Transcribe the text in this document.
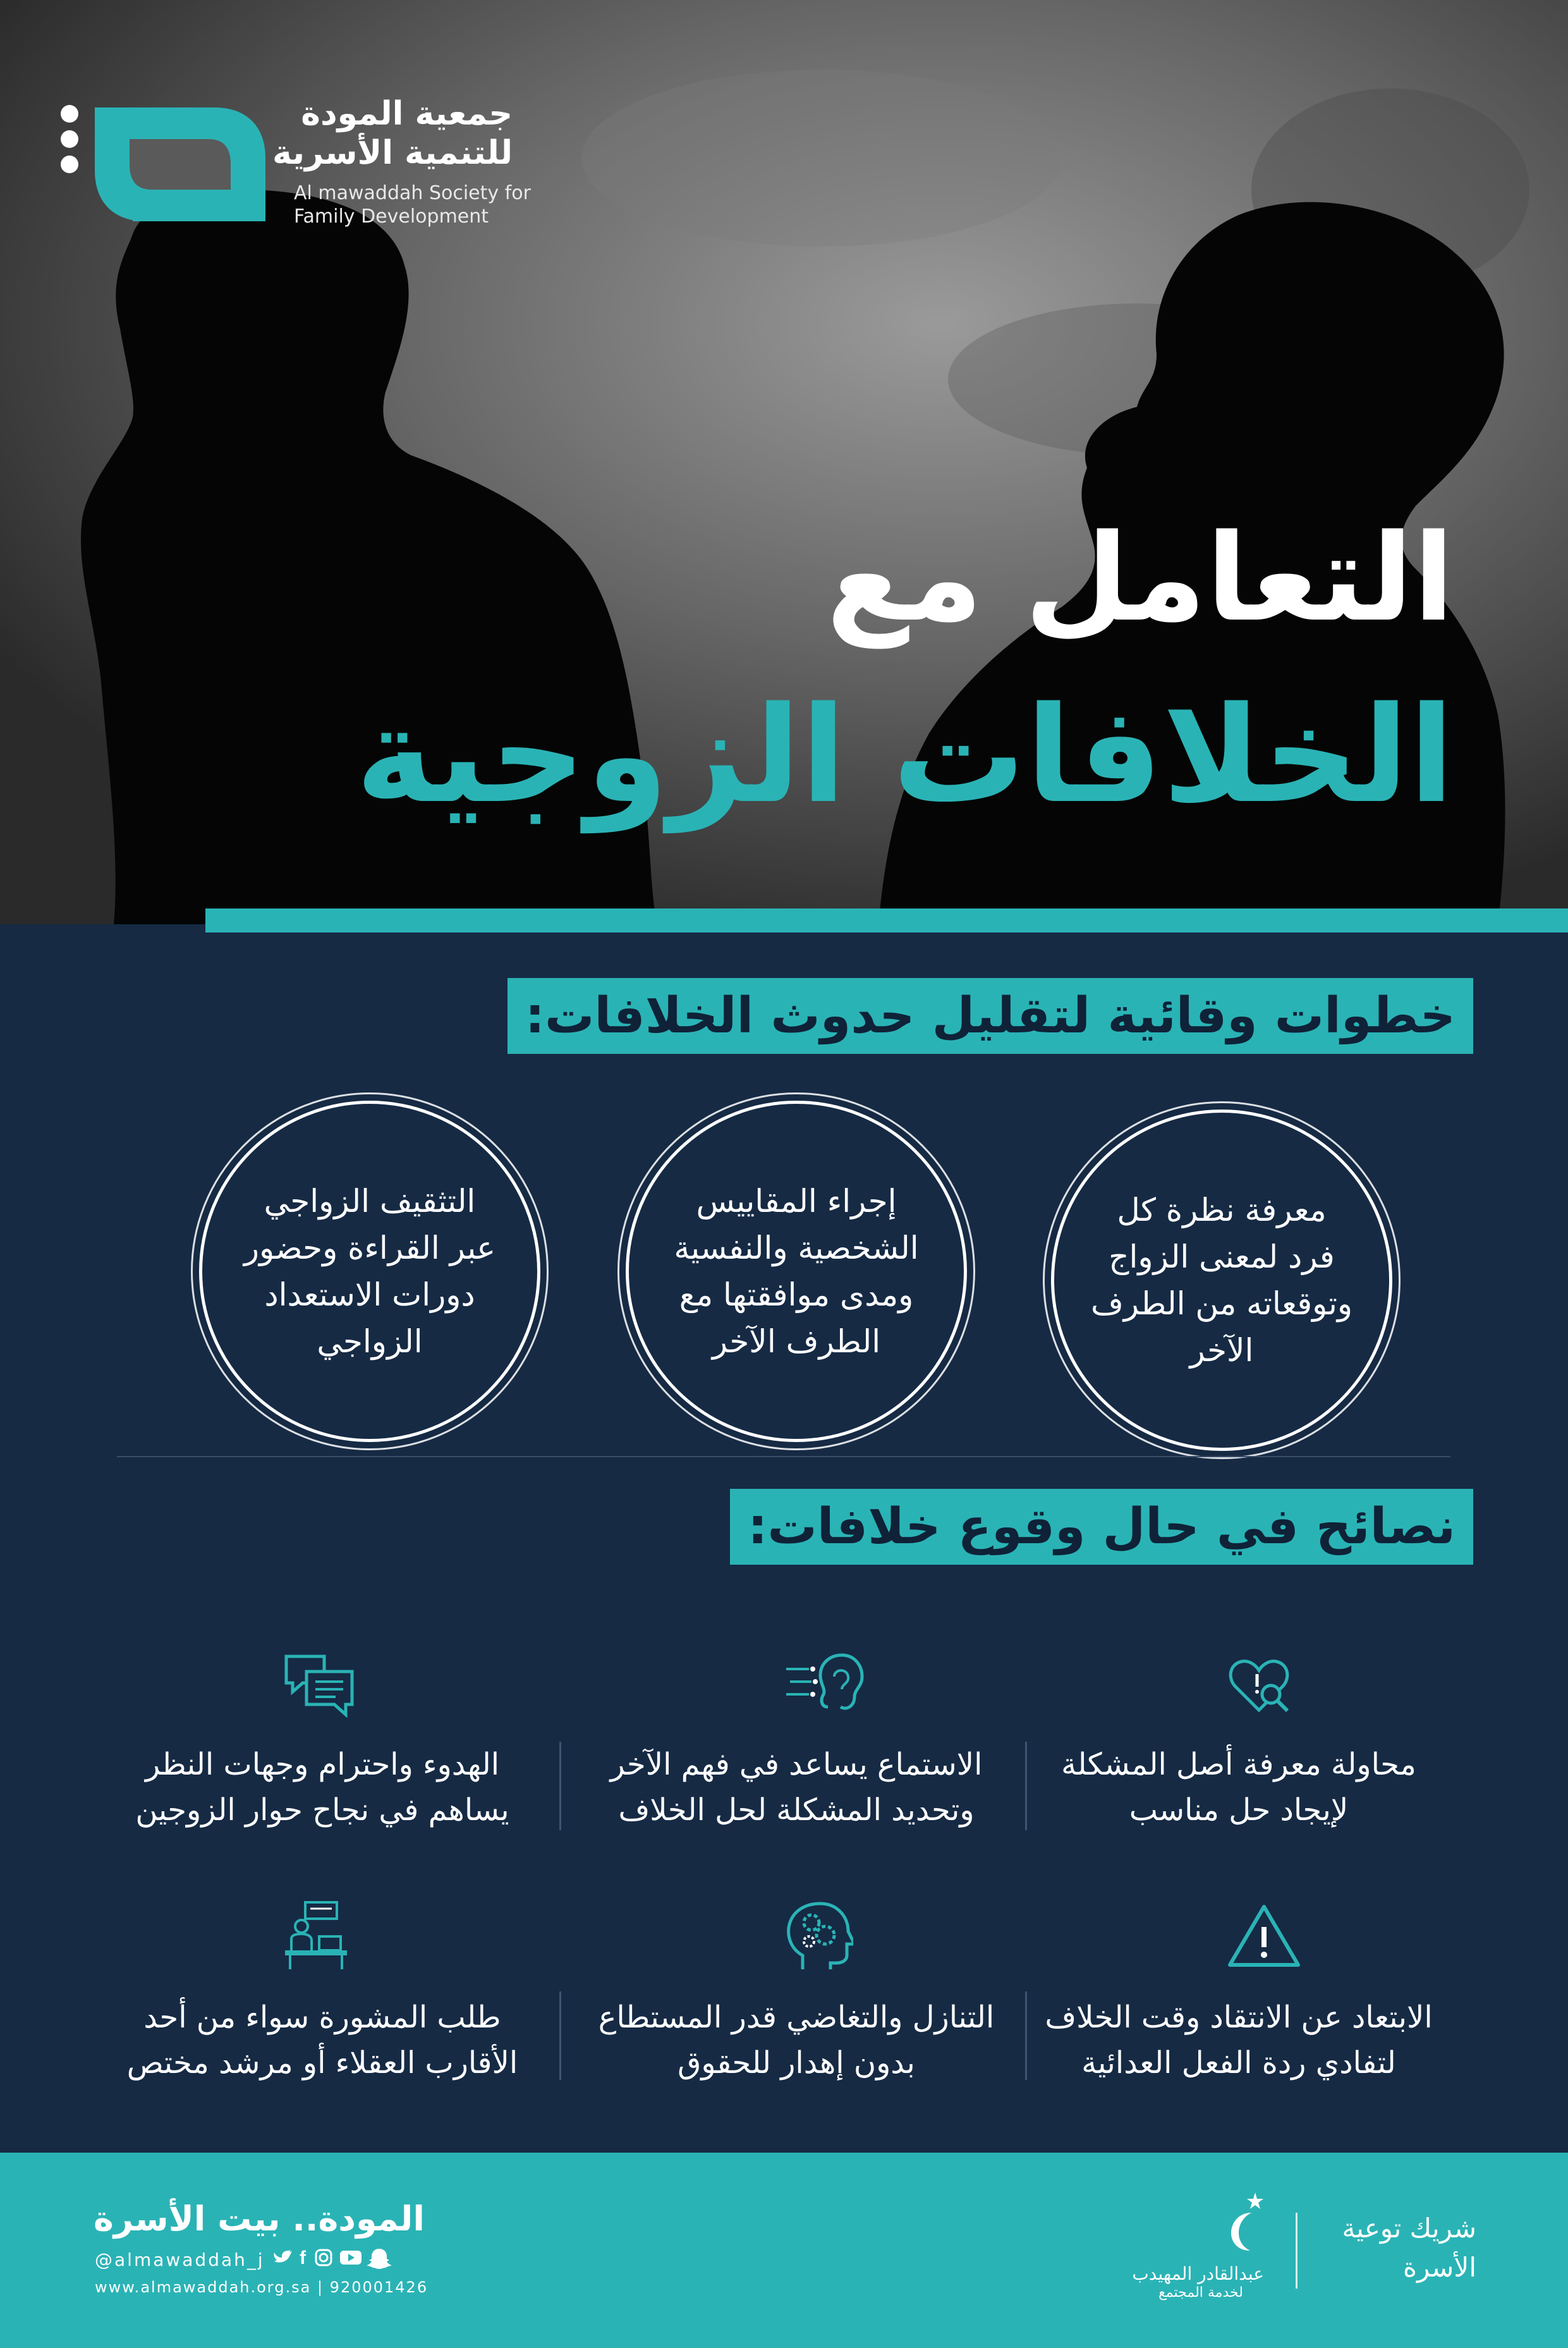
جمعية المودة
للتنمية الأسرية
Al mawaddah Society for
Family Development
التعامل مع
الخلافات الزوجية
خطوات وقائية لتقليل حدوث الخلافات:
معرفة نظرة كل فرد لمعنى الزواج وتوقعاته من الطرف الآخر
إجراء المقاييس الشخصية والنفسية ومدى موافقتها مع الطرف الآخر
التثقيف الزواجي عبر القراءة وحضور دورات الاستعداد الزواجي
نصائح في حال وقوع خلافات:
محاولة معرفة أصل المشكلة
لإيجاد حل مناسب
الاستماع يساعد في فهم الآخر
وتحديد المشكلة لحل الخلاف
الهدوء واحترام وجهات النظر
يساهم في نجاح حوار الزوجين
الابتعاد عن الانتقاد وقت الخلاف
لتفادي ردة الفعل العدائية
التنازل والتغاضي قدر المستطاع
بدون إهدار للحقوق
طلب المشورة سواء من أحد
الأقارب العقلاء أو مرشد مختص
المودة.. بيت الأسرة
@almawaddah_j f
www.almawaddah.org.sa | 920001426
عبدالقادر المهيدب
لخدمة المجتمع
شريك توعية
الأسرة
